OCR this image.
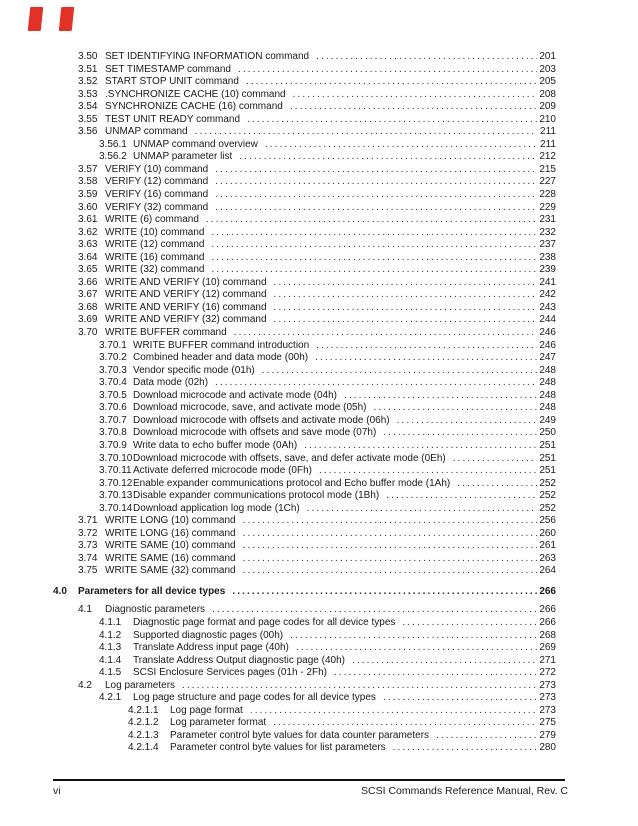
3.50 SET IDENTIFYING INFORMATION command .....	201
3.51 SET TIMESTAMP command .....	203
3.52 START STOP UNIT command .....	205
3.53 .SYNCHRONIZE CACHE (10) command .....	208
3.54 SYNCHRONIZE CACHE (16) command .....	209
3.55 TEST UNIT READY command .....	210
3.56 UNMAP command .....	211
3.56.1 UNMAP command overview .....	211
3.56.2 UNMAP parameter list .....	212
3.57 VERIFY (10) command .....	215
3.58 VERIFY (12) command .....	227
3.59 VERIFY (16) command .....	228
3.60 VERIFY (32) command .....	229
3.61 WRITE (6) command .....	231
3.62 WRITE (10) command .....	232
3.63 WRITE (12) command .....	237
3.64 WRITE (16) command .....	238
3.65 WRITE (32) command .....	239
3.66 WRITE AND VERIFY (10) command .....	241
3.67 WRITE AND VERIFY (12) command .....	242
3.68 WRITE AND VERIFY (16) command .....	243
3.69 WRITE AND VERIFY (32) command .....	244
3.70 WRITE BUFFER command .....	246
3.70.1 WRITE BUFFER command introduction .....	246
3.70.2 Combined header and data mode (00h) .....	247
3.70.3 Vendor specific mode (01h) .....	248
3.70.4 Data mode (02h) .....	248
3.70.5 Download microcode and activate mode (04h) .....	248
3.70.6 Download microcode, save, and activate mode (05h) .....	248
3.70.7 Download microcode with offsets and activate mode (06h) .....	249
3.70.8 Download microcode with offsets and save mode (07h) .....	250
3.70.9 Write data to echo buffer mode (0Ah) .....	251
3.70.10 Download microcode with offsets, save, and defer activate mode (0Eh) .....	251
3.70.11 Activate deferred microcode mode (0Fh) .....	251
3.70.12 Enable expander communications protocol and Echo buffer mode (1Ah) .....	252
3.70.13 Disable expander communications protocol mode (1Bh) .....	252
3.70.14 Download application log mode (1Ch) .....	252
3.71 WRITE LONG (10) command .....	256
3.72 WRITE LONG (16) command .....	260
3.73 WRITE SAME (10) command .....	261
3.74 WRITE SAME (16) command .....	263
3.75 WRITE SAME (32) command .....	264
4.0	Parameters for all device types .....	266
4.1	Diagnostic parameters .....	266
4.1.1	Diagnostic page format and page codes for all device types .....	266
4.1.2	Supported diagnostic pages (00h) .....	268
4.1.3	Translate Address input page (40h) .....	269
4.1.4	Translate Address Output diagnostic page (40h) .....	271
4.1.5	SCSI Enclosure Services pages (01h - 2Fh) .....	272
4.2	Log parameters .....	273
4.2.1	Log page structure and page codes for all device types .....	273
4.2.1.1	Log page format .....	273
4.2.1.2	Log parameter format .....	275
4.2.1.3	Parameter control byte values for data counter parameters .....	279
4.2.1.4	Parameter control byte values for list parameters .....	280
vi	SCSI Commands Reference Manual, Rev. C
